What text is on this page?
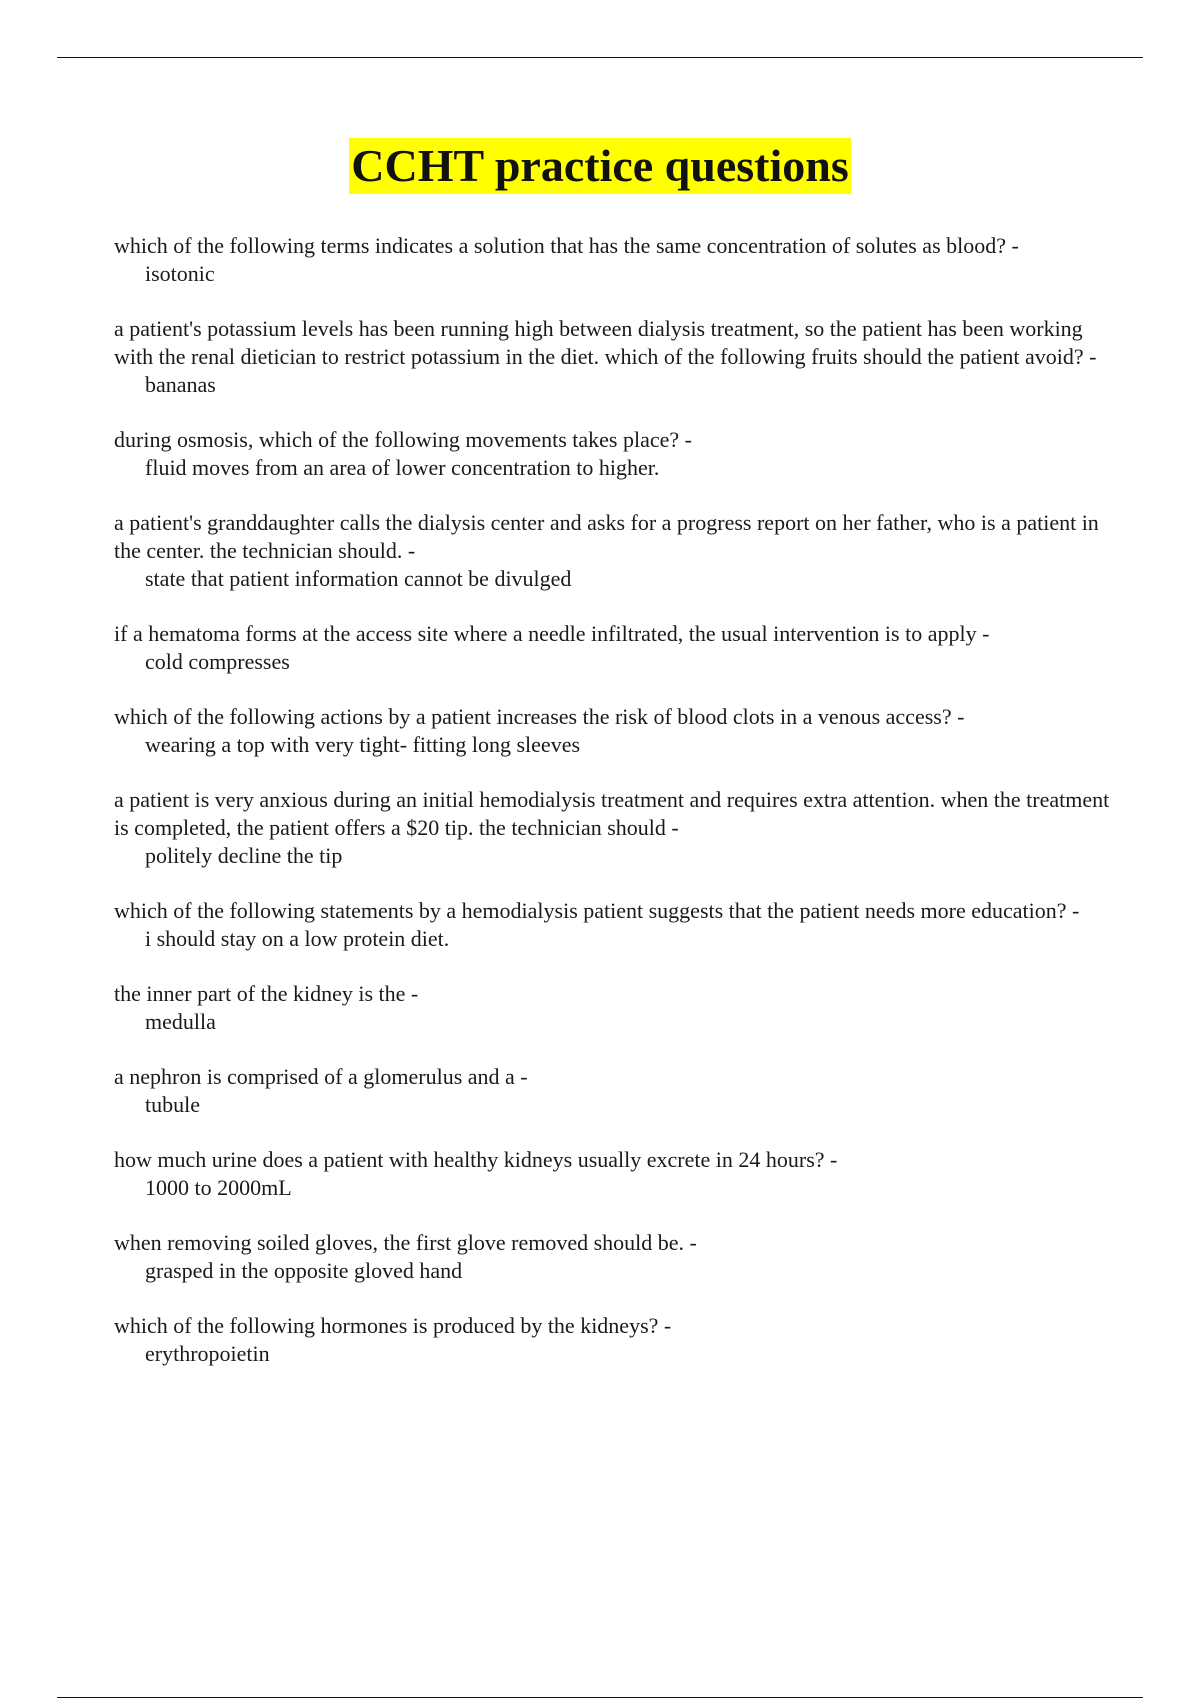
CCHT practice questions
which of the following terms indicates a solution that has the same concentration of solutes as blood? -
isotonic
a patient's potassium levels has been running high between dialysis treatment, so the patient has been working with the renal dietician to restrict potassium in the diet. which of the following fruits should the patient avoid? -
bananas
during osmosis, which of the following movements takes place? -
fluid moves from an area of lower concentration to higher.
a patient's granddaughter calls the dialysis center and asks for a progress report on her father, who is a patient in the center. the technician should. -
state that patient information cannot be divulged
if a hematoma forms at the access site where a needle infiltrated, the usual intervention is to apply -
cold compresses
which of the following actions by a patient increases the risk of blood clots in a venous access? -
wearing a top with very tight- fitting long sleeves
a patient is very anxious during an initial hemodialysis treatment and requires extra attention. when the treatment is completed, the patient offers a $20 tip. the technician should -
politely decline the tip
which of the following statements by a hemodialysis patient suggests that the patient needs more education? -
i should stay on a low protein diet.
the inner part of the kidney is the -
medulla
a nephron is comprised of a glomerulus and a -
tubule
how much urine does a patient with healthy kidneys usually excrete in 24 hours? -
1000 to 2000mL
when removing soiled gloves, the first glove removed should be. -
grasped in the opposite gloved hand
which of the following hormones is produced by the kidneys? -
erythropoietin
